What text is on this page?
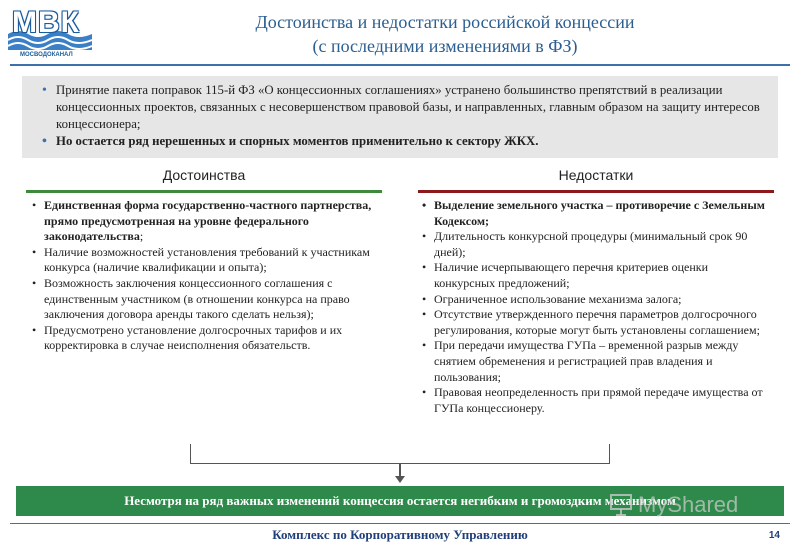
МВК
МОСВОДОКАНАЛ
Достоинства и недостатки российской концессии
(с последними изменениями в ФЗ)
• Принятие пакета поправок 115-й ФЗ «О концессионных соглашениях» устранено большинство препятствий в реализации концессионных проектов, связанных с несовершенством правовой базы, и направленных, главным образом на защиту интересов концессионера;
• Но остается ряд нерешенных и спорных моментов применительно к сектору ЖКХ.
Достоинства	Недостатки
• Единственная форма государственно-частного партнерства, прямо предусмотренная на уровне федерального законодательства;
• Наличие возможностей установления требований к участникам конкурса (наличие квалификации и опыта);
• Возможность заключения концессионного соглашения с единственным участником (в отношении конкурса на право заключения договора аренды такого сделать нельзя);
• Предусмотрено установление долгосрочных тарифов и их корректировка в случае неисполнения обязательств.
• Выделение земельного участка – противоречие с Земельным Кодексом;
• Длительность конкурсной процедуры (минимальный срок 90 дней);
• Наличие исчерпывающего перечня критериев оценки конкурсных предложений;
• Ограниченное использование механизма залога;
• Отсутствие утвержденного перечня параметров долгосрочного регулирования, которые могут быть установлены соглашением;
• При передачи имущества ГУПа – временной разрыв между снятием обременения и регистрацией прав владения и пользования;
• Правовая неопределенность при прямой передаче имущества от ГУПа концессионеру.
Несмотря на ряд важных изменений концессия остается негибким и громоздким механизмом
MyShared
Комплекс по Корпоративному Управлению	14
